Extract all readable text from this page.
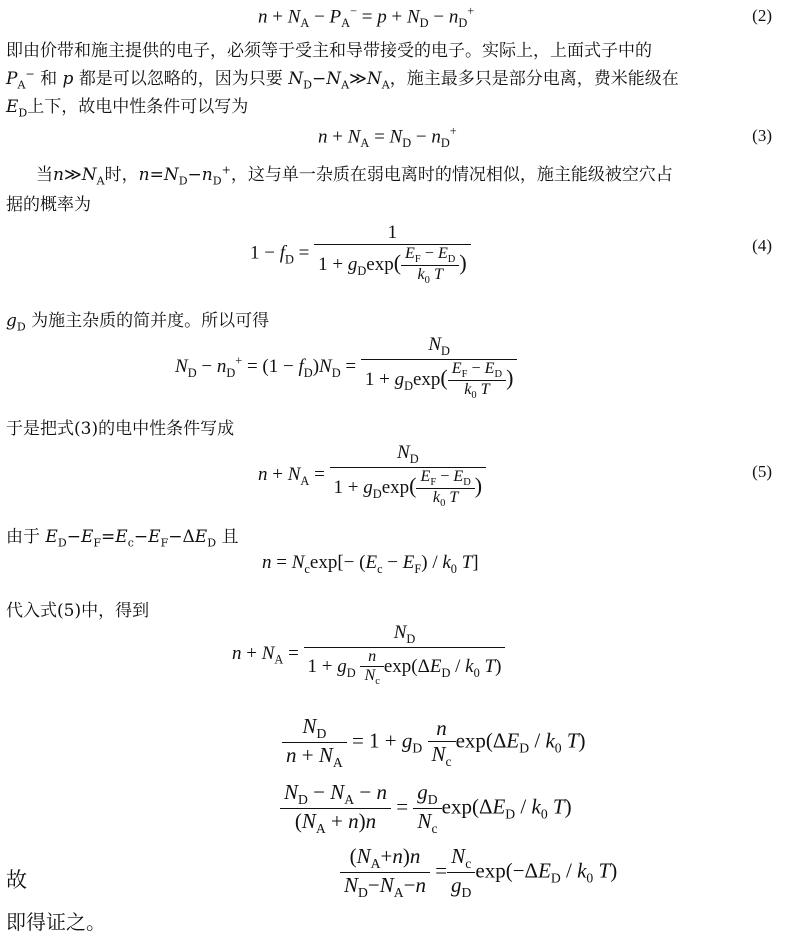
$n + N_A - P_A^- = p + N_D - n_D^+$	(2)
即由价带和施主提供的电子，必须等于受主和导带接受的电子。实际上，上面式子中的
$P_A^-$ 和 p 都是可以忽略的，因为只要 $N_D-N_A≫N_A$，施主最多只是部分电离，费米能级在
$E_D$上下，故电中性条件可以写为
$n + N_A = N_D - n_D^+$	(3)
当$n≫N_A$时，$n=N_D-n_D^+$，这与单一杂质在弱电离时的情况相似，施主能级被空穴占
据的概率为
$1 - f_D = \frac{1}{1 + g_D\exp( \frac{E_F - E_D}{k_0 T} )}$	(4)
$g_D$ 为施主杂质的简并度。所以可得
$N_D - n_D^+ = (1 - f_D)N_D = \frac{N_D}{1 + g_D\exp( \frac{E_F - E_D}{k_0 T} )}$
于是把式(3)的电中性条件写成
$n + N_A = \frac{N_D}{1 + g_D\exp( \frac{E_F - E_D}{k_0 T} )}$	(5)
由于 $E_D-E_F=E_c-E_F-\Delta E_D$ 且
$n = N_c\exp[- (E_c - E_F) / k_0$ T]
代入式(5)中，得到
$n + N_A = \frac{N_D}{1 + g_D \frac{n}{N_c} \exp(\Delta E_D / k_0 T)}$
$\frac{N_D}{n + N_A} = 1 + g_D \frac{n}{N_c} \exp(\Delta E_D / k_0$ T)
$\frac{N_D - N_A - n}{(N_A + n)n} = \frac{g_D}{N_c} \exp(\Delta E_D / k_0$ T)
故	$\frac{(N_A+n)n}{N_D-N_A-n} = \frac{N_c}{g_D} \exp(-\Delta E_D / k_0$ T)
即得证之。
